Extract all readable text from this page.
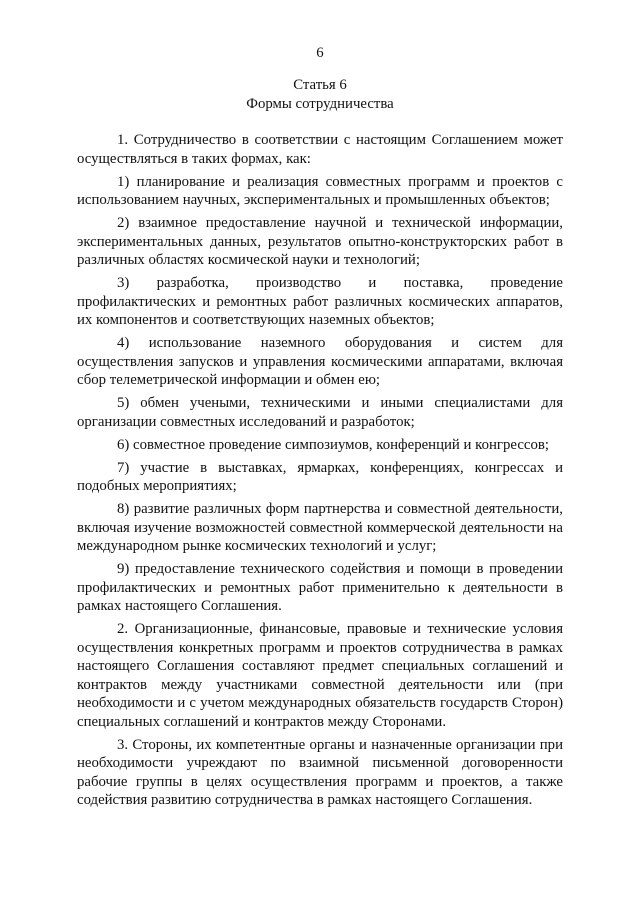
6
Статья 6
Формы сотрудничества

1. Сотрудничество в соответствии с настоящим Соглашением может осуществляться в таких формах, как:

1) планирование и реализация совместных программ и проектов с использованием научных, экспериментальных и промышленных объектов;

2) взаимное предоставление научной и технической информации, экспериментальных данных, результатов опытно-конструкторских работ в различных областях космической науки и технологий;

3) разработка, производство и поставка, проведение профилактических и ремонтных работ различных космических аппаратов, их компонентов и соответствующих наземных объектов;

4) использование наземного оборудования и систем для осуществления запусков и управления космическими аппаратами, включая сбор телеметрической информации и обмен ею;

5) обмен учеными, техническими и иными специалистами для организации совместных исследований и разработок;

6) совместное проведение симпозиумов, конференций и конгрессов;

7) участие в выставках, ярмарках, конференциях, конгрессах и подобных мероприятиях;

8) развитие различных форм партнерства и совместной деятельности, включая изучение возможностей совместной коммерческой деятельности на международном рынке космических технологий и услуг;

9) предоставление технического содействия и помощи в проведении профилактических и ремонтных работ применительно к деятельности в рамках настоящего Соглашения.

2. Организационные, финансовые, правовые и технические условия осуществления конкретных программ и проектов сотрудничества в рамках настоящего Соглашения составляют предмет специальных соглашений и контрактов между участниками совместной деятельности или (при необходимости и с учетом международных обязательств государств Сторон) специальных соглашений и контрактов между Сторонами.

3. Стороны, их компетентные органы и назначенные организации при необходимости учреждают по взаимной письменной договоренности рабочие группы в целях осуществления программ и проектов, а также содействия развитию сотрудничества в рамках настоящего Соглашения.
